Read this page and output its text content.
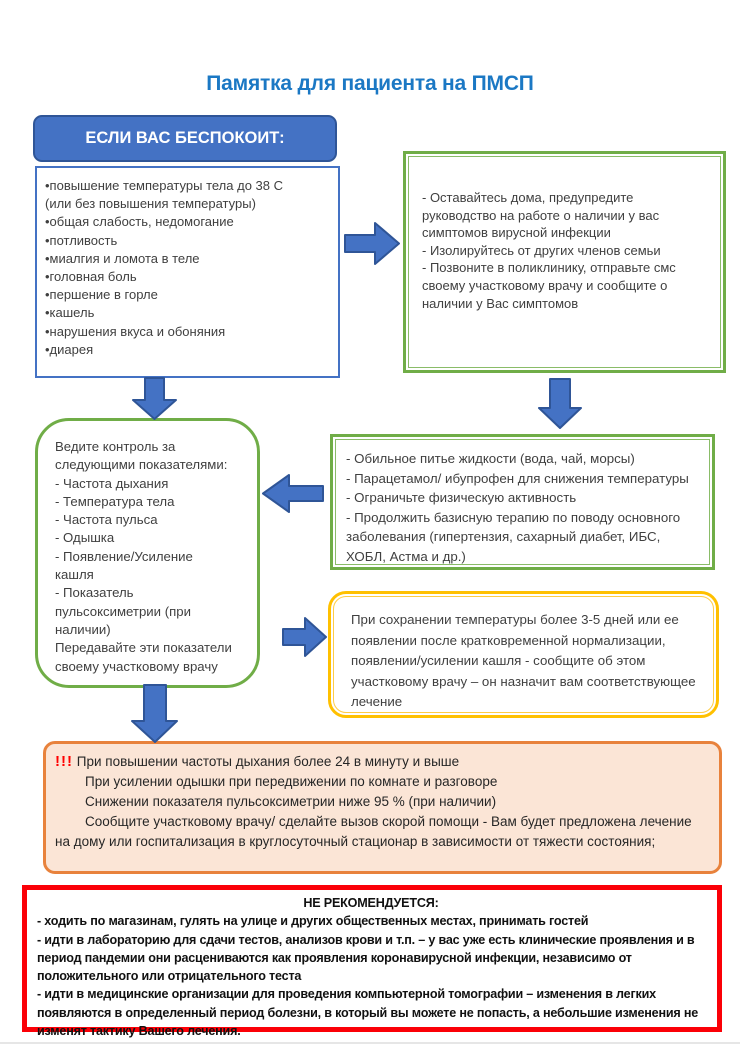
Памятка для пациента на ПМСП
ЕСЛИ ВАС БЕСПОКОИТ:
•повышение температуры тела до 38 С
(или без повышения температуры)
•общая слабость, недомогание
•потливость
•миалгия и ломота в теле
•головная боль
•першение в горле
•кашель
•нарушения вкуса и обоняния
•диарея
- Оставайтесь дома, предупредите руководство на работе о наличии у вас симптомов вирусной инфекции
- Изолируйтесь от других членов семьи
- Позвоните в поликлинику, отправьте смс своему участковому врачу и сообщите о наличии у Вас симптомов
Ведите контроль за следующими показателями:
- Частота дыхания
- Температура тела
- Частота пульса
- Одышка
- Появление/Усиление кашля
- Показатель пульсоксиметрии (при наличии)
Передавайте эти показатели своему участковому врачу
- Обильное питье жидкости (вода, чай, морсы)
- Парацетамол/ ибупрофен для снижения температуры
- Ограничьте физическую активность
- Продолжить базисную терапию по поводу основного заболевания (гипертензия, сахарный диабет, ИБС, ХОБЛ, Астма и др.)
При сохранении температуры более 3-5 дней или ее появлении после кратковременной нормализации, появлении/усилении кашля - сообщите об этом участковому врачу – он назначит вам соответствующее лечение

!!! При повышении частоты дыхания более 24 в минуту и выше

При усилении одышки при передвижении по комнате и разговоре

Снижении показателя пульсоксиметрии ниже 95 % (при наличии)

Сообщите участковому врачу/ сделайте вызов скорой помощи - Вам будет предложена лечение на дому или госпитализация в круглосуточный стационар в зависимости от тяжести состояния;

НЕ РЕКОМЕНДУЕТСЯ:
- ходить по магазинам, гулять на улице и других общественных местах, принимать гостей
- идти в лабораторию для сдачи тестов, анализов крови и т.п. – у вас уже есть клинические проявления и в период пандемии они расцениваются как проявления коронавирусной инфекции, независимо от положительного или отрицательного теста
- идти в медицинские организации для проведения компьютерной томографии – изменения в легких появляются в определенный период болезни, в который вы можете не попасть, а небольшие изменения не изменят тактику Вашего лечения.
